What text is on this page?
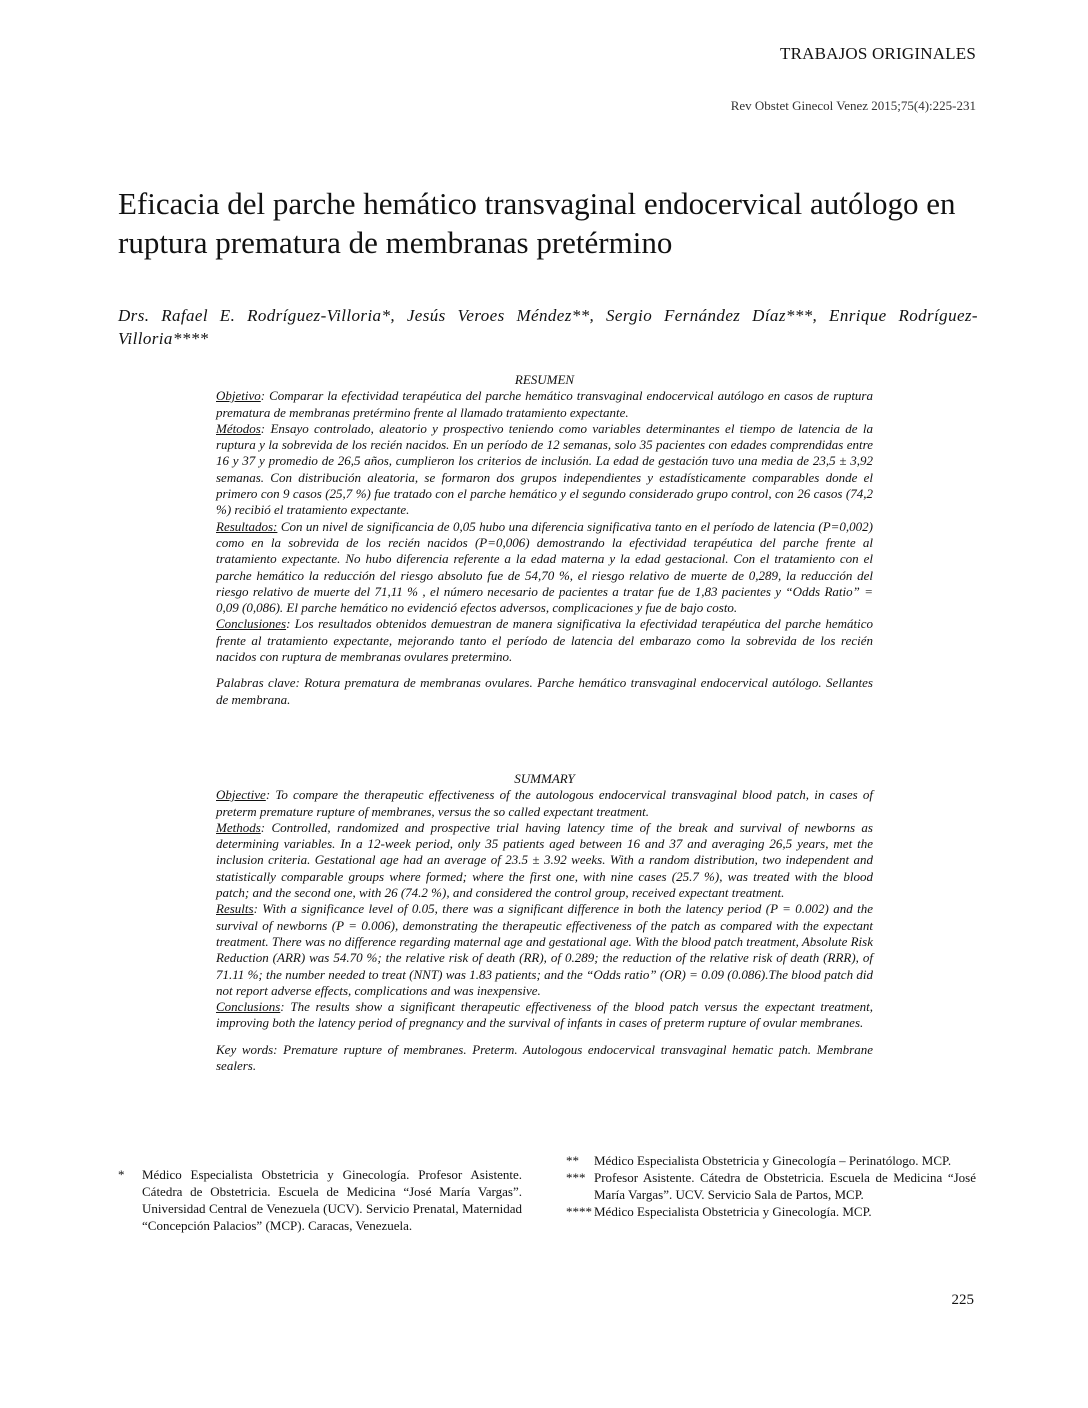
TRABAJOS ORIGINALES
Rev Obstet Ginecol Venez 2015;75(4):225-231
Eficacia del parche hemático transvaginal endocervical autólogo en ruptura prematura de membranas pretérmino
Drs. Rafael E. Rodríguez-Villoria*, Jesús Veroes Méndez**, Sergio Fernández Díaz***, Enrique Rodríguez-Villoria****

RESUMEN

Objetivo: Comparar la efectividad terapéutica del parche hemático transvaginal endocervical autólogo en casos de ruptura prematura de membranas pretérmino frente al llamado tratamiento expectante.

Métodos: Ensayo controlado, aleatorio y prospectivo teniendo como variables determinantes el tiempo de latencia de la ruptura y la sobrevida de los recién nacidos. En un período de 12 semanas, solo 35 pacientes con edades comprendidas entre 16 y 37 y promedio de 26,5 años, cumplieron los criterios de inclusión. La edad de gestación tuvo una media de 23,5 ± 3,92 semanas. Con distribución aleatoria, se formaron dos grupos independientes y estadísticamente comparables donde el primero con 9 casos (25,7 %) fue tratado con el parche hemático y el segundo considerado grupo control, con 26 casos (74,2 %) recibió el tratamiento expectante.

Resultados: Con un nivel de significancia de 0,05 hubo una diferencia significativa tanto en el período de latencia (P=0,002) como en la sobrevida de los recién nacidos (P=0,006) demostrando la efectividad terapéutica del parche frente al tratamiento expectante. No hubo diferencia referente a la edad materna y la edad gestacional. Con el tratamiento con el parche hemático la reducción del riesgo absoluto fue de 54,70 %, el riesgo relativo de muerte de 0,289, la reducción del riesgo relativo de muerte del 71,11 % , el número necesario de pacientes a tratar fue de 1,83 pacientes y “Odds Ratio” = 0,09 (0,086). El parche hemático no evidenció efectos adversos, complicaciones y fue de bajo costo.

Conclusiones: Los resultados obtenidos demuestran de manera significativa la efectividad terapéutica del parche hemático frente al tratamiento expectante, mejorando tanto el período de latencia del embarazo como la sobrevida de los recién nacidos con ruptura de membranas ovulares pretermino.

Palabras clave: Rotura prematura de membranas ovulares. Parche hemático transvaginal endocervical autólogo. Sellantes de membrana.

SUMMARY

Objective: To compare the therapeutic effectiveness of the autologous endocervical transvaginal blood patch, in cases of preterm premature rupture of membranes, versus the so called expectant treatment.

Methods: Controlled, randomized and prospective trial having latency time of the break and survival of newborns as determining variables. In a 12-week period, only 35 patients aged between 16 and 37 and averaging 26,5 years, met the inclusion criteria. Gestational age had an average of 23.5 ± 3.92 weeks. With a random distribution, two independent and statistically comparable groups where formed; where the first one, with nine cases (25.7 %), was treated with the blood patch; and the second one, with 26 (74.2 %), and considered the control group, received expectant treatment.

Results: With a significance level of 0.05, there was a significant difference in both the latency period (P = 0.002) and the survival of newborns (P = 0.006), demonstrating the therapeutic effectiveness of the patch as compared with the expectant treatment. There was no difference regarding maternal age and gestational age. With the blood patch treatment, Absolute Risk Reduction (ARR) was 54.70 %; the relative risk of death (RR), of 0.289; the reduction of the relative risk of death (RRR), of 71.11 %; the number needed to treat (NNT) was 1.83 patients; and the “Odds ratio” (OR) = 0.09 (0.086).The blood patch did not report adverse effects, complications and was inexpensive.

Conclusions: The results show a significant therapeutic effectiveness of the blood patch versus the expectant treatment, improving both the latency period of pregnancy and the survival of infants in cases of preterm rupture of ovular membranes.

Key words: Premature rupture of membranes. Preterm. Autologous endocervical transvaginal hematic patch. Membrane sealers.

*	Médico Especialista Obstetricia y Ginecología. Profesor Asistente. Cátedra de Obstetricia. Escuela de Medicina “José María Vargas”. Universidad Central de Venezuela (UCV). Servicio Prenatal, Maternidad “Concepción Palacios” (MCP). Caracas, Venezuela.
**	Médico Especialista Obstetricia y Ginecología – Perinatólogo. MCP.
*** Profesor Asistente. Cátedra de Obstetricia. Escuela de Medicina “José María Vargas”. UCV. Servicio Sala de Partos, MCP.
**** Médico Especialista Obstetricia y Ginecología. MCP.
225
